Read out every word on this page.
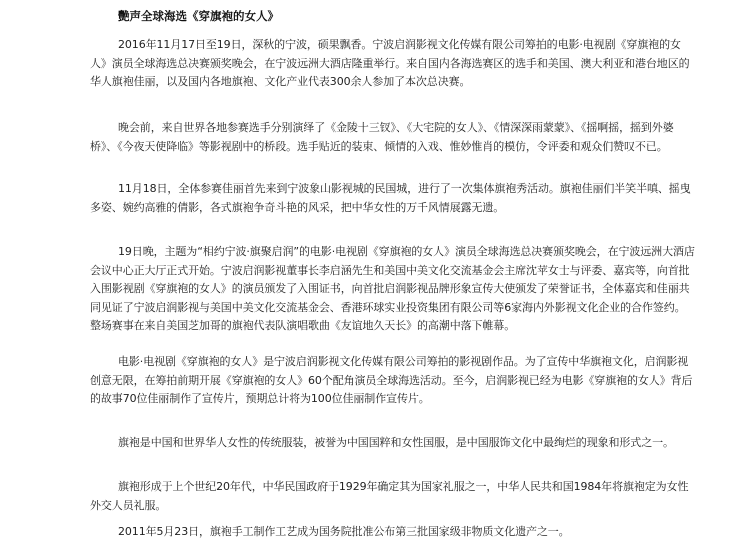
艷声全球海选《穿旗袍的女人》

2016年11月17日至19日，深秋的宁波，硕果飘香。宁波启润影视文化传媒有限公司筹拍的电影·电视剧《穿旗袍的女人》演员全球海选总决赛颁奖晚会，在宁波远洲大酒店隆重举行。来自国内各海选赛区的选手和美国、澳大利亚和港台地区的华人旗袍佳丽，以及国内各地旗袍、文化产业代表300余人参加了本次总决赛。

晚会前，来自世界各地参赛选手分别演绎了《金陵十三钗》、《大宅院的女人》、《情深深雨蒙蒙》、《摇啊摇，摇到外婆桥》、《今夜天使降临》等影视剧中的桥段。选手贴近的装束、倾情的入戏、惟妙惟肖的模仿，令评委和观众们赞叹不已。

11月18日，全体参赛佳丽首先来到宁波象山影视城的民国城，进行了一次集体旗袍秀活动。旗袍佳丽们半笑半嗔、摇曳多姿、婉约高雅的倩影，各式旗袍争奇斗艳的风采，把中华女性的万千风情展露无遗。

19日晚，主题为“相约宁波·旗聚启润”的电影·电视剧《穿旗袍的女人》演员全球海选总决赛颁奖晚会，在宁波远洲大酒店会议中心正大厅正式开始。宁波启润影视董事长李启涵先生和美国中美文化交流基金会主席沈苹女士与评委、嘉宾等，向首批入围影视剧《穿旗袍的女人》的演员颁发了入围证书，向首批启润影视品牌形象宣传大使颁发了荣誉证书，全体嘉宾和佳丽共同见证了宁波启润影视与美国中美文化交流基金会、香港环球实业投资集团有限公司等6家海内外影视文化企业的合作签约。整场赛事在来自美国芝加哥的旗袍代表队演唱歌曲《友谊地久天长》的高潮中落下帷幕。

电影·电视剧《穿旗袍的女人》是宁波启润影视文化传媒有限公司筹拍的影视剧作品。为了宣传中华旗袍文化，启润影视创意无限，在筹拍前期开展《穿旗袍的女人》60个配角演员全球海选活动。至今，启润影视已经为电影《穿旗袍的女人》背后的故事70位佳丽制作了宣传片，预期总计将为100位佳丽制作宣传片。

旗袍是中国和世界华人女性的传统服装，被誉为中国国粹和女性国服，是中国服饰文化中最绚烂的现象和形式之一。

旗袍形成于上个世纪20年代，中华民国政府于1929年确定其为国家礼服之一，中华人民共和国1984年将旗袍定为女性外交人员礼服。

2011年5月23日，旗袍手工制作工艺成为国务院批准公布第三批国家级非物质文化遗产之一。
